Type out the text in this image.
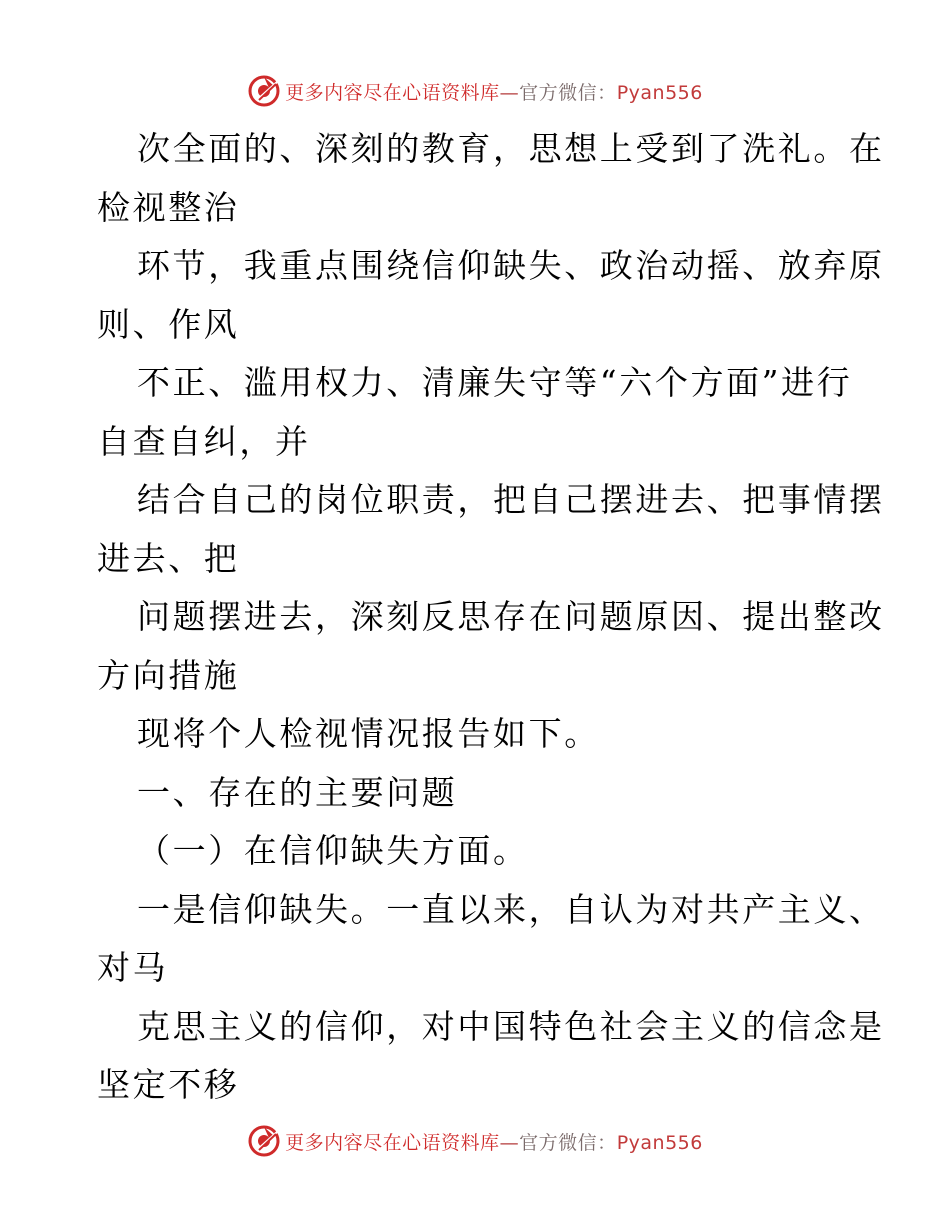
更多内容尽在心语资料库—官方微信：Pyan556
次全面的、深刻的教育，思想上受到了洗礼。在
检视整治
环节，我重点围绕信仰缺失、政治动摇、放弃原
则、作风
不正、滥用权力、清廉失守等“六个方面”进行
自查自纠，并
结合自己的岗位职责，把自己摆进去、把事情摆
进去、把
问题摆进去，深刻反思存在问题原因、提出整改
方向措施
现将个人检视情况报告如下。
一、存在的主要问题
（一）在信仰缺失方面。
一是信仰缺失。一直以来，自认为对共产主义、
对马
克思主义的信仰，对中国特色社会主义的信念是
坚定不移
更多内容尽在心语资料库—官方微信：Pyan556
